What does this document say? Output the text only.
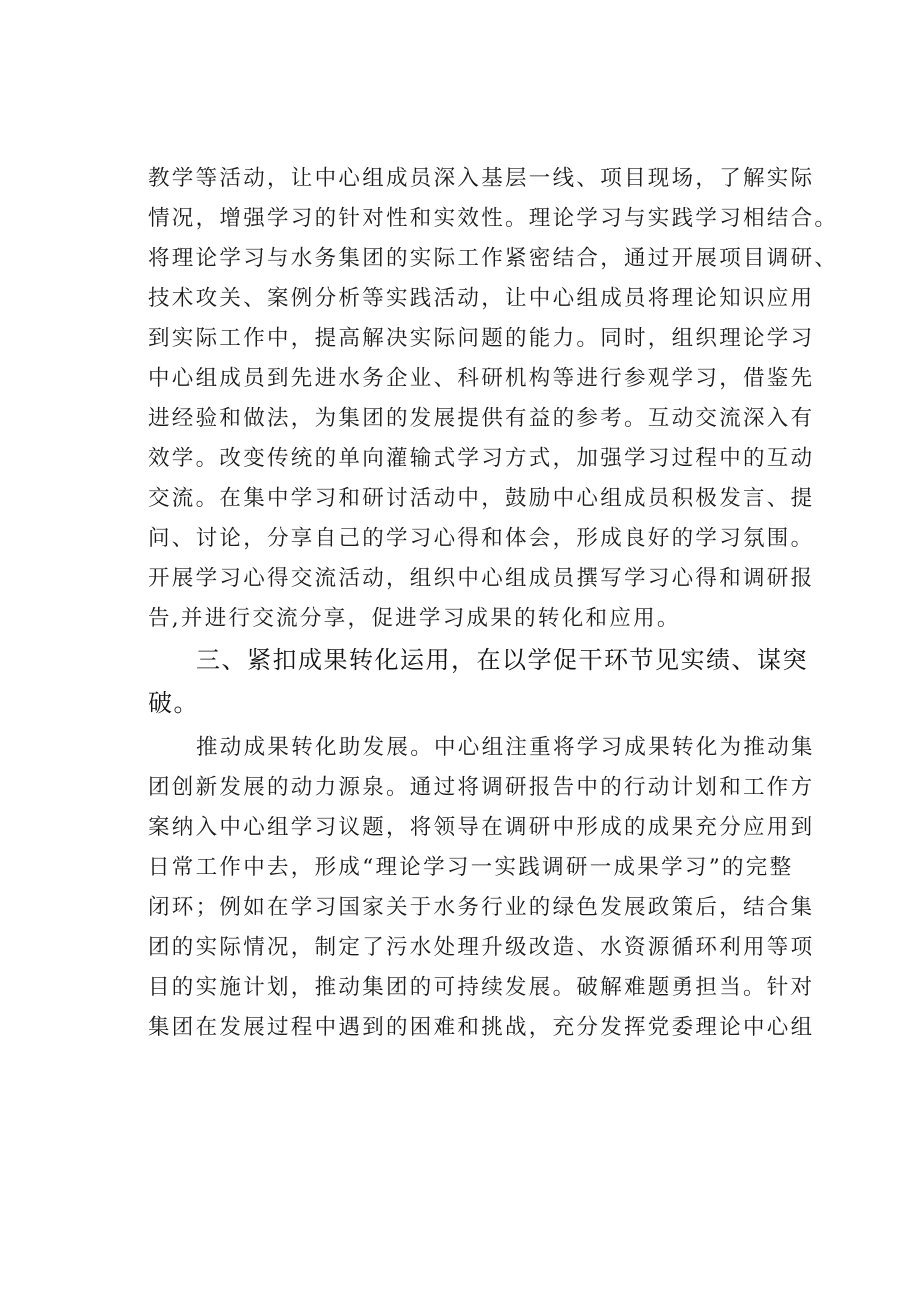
教学等活动，让中心组成员深入基层一线、项目现场，了解实际
情况，增强学习的针对性和实效性。理论学习与实践学习相结合。
将理论学习与水务集团的实际工作紧密结合，通过开展项目调研、
技术攻关、案例分析等实践活动，让中心组成员将理论知识应用
到实际工作中，提高解决实际问题的能力。同时，组织理论学习
中心组成员到先进水务企业、科研机构等进行参观学习，借鉴先
进经验和做法，为集团的发展提供有益的参考。互动交流深入有
效学。改变传统的单向灌输式学习方式，加强学习过程中的互动
交流。在集中学习和研讨活动中，鼓励中心组成员积极发言、提
问、讨论，分享自己的学习心得和体会，形成良好的学习氛围。
开展学习心得交流活动，组织中心组成员撰写学习心得和调研报
告,并进行交流分享，促进学习成果的转化和应用。
三、紧扣成果转化运用，在以学促干环节见实绩、谋突
破。
推动成果转化助发展。中心组注重将学习成果转化为推动集
团创新发展的动力源泉。通过将调研报告中的行动计划和工作方
案纳入中心组学习议题，将领导在调研中形成的成果充分应用到
日常工作中去，形成“理论学习一实践调研一成果学习”的完整
闭环；例如在学习国家关于水务行业的绿色发展政策后，结合集
团的实际情况，制定了污水处理升级改造、水资源循环利用等项
目的实施计划，推动集团的可持续发展。破解难题勇担当。针对
集团在发展过程中遇到的困难和挑战，充分发挥党委理论中心组
